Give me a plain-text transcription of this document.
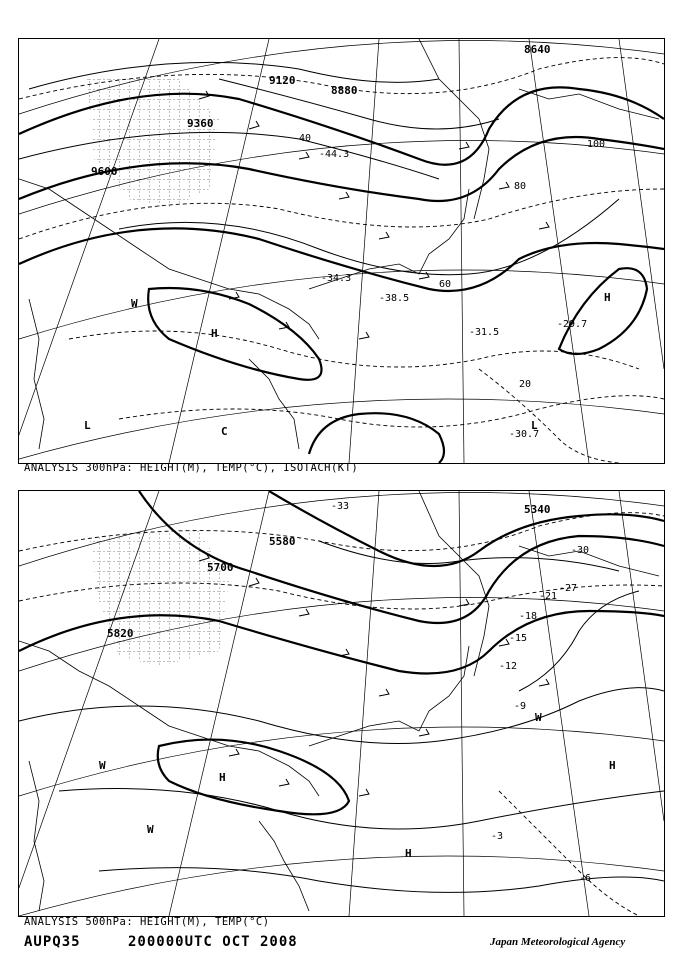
9120
9360
9600
8880
8640
40
60
80
100
20
H
H
L	L
W
C
-29.7
-34.3
-31.5
-44.3
-38.5
-30.7
ANALYSIS 300hPa: HEIGHT(M), TEMP(°C), ISOTACH(KT)
5700
5580
5820
5340
-33
-30
-27
-21
-18
-15
-12
-9
-6
-3
H
H
H
W
W
W
ANALYSIS 500hPa: HEIGHT(M), TEMP(°C)
AUPQ35	200000UTC OCT 2008	Japan Meteorological Agency
